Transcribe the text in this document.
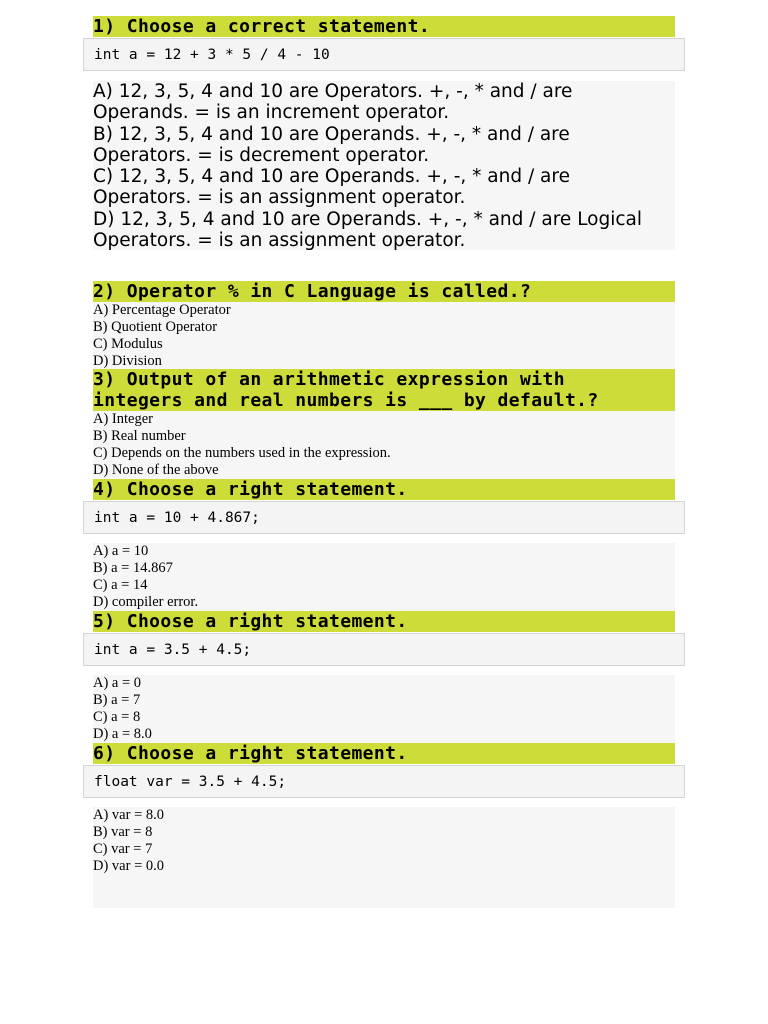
1) Choose a correct statement.
int a = 12 + 3 * 5 / 4 - 10
A) 12, 3, 5, 4 and 10 are Operators. +, -, * and / are
Operands. = is an increment operator.
B) 12, 3, 5, 4 and 10 are Operands. +, -, * and / are
Operators. = is decrement operator.
C) 12, 3, 5, 4 and 10 are Operands. +, -, * and / are
Operators. = is an assignment operator.
D) 12, 3, 5, 4 and 10 are Operands. +, -, * and / are Logical
Operators. = is an assignment operator.
2) Operator % in C Language is called.?
A) Percentage Operator
B) Quotient Operator
C) Modulus
D) Division
3) Output of an arithmetic expression with
integers and real numbers is ___ by default.?
A) Integer
B) Real number
C) Depends on the numbers used in the expression.
D) None of the above
4) Choose a right statement.
int a = 10 + 4.867;
A) a = 10
B) a = 14.867
C) a = 14
D) compiler error.
5) Choose a right statement.
int a = 3.5 + 4.5;
A) a = 0
B) a = 7
C) a = 8
D) a = 8.0
6) Choose a right statement.
float var = 3.5 + 4.5;
A) var = 8.0
B) var = 8
C) var = 7
D) var = 0.0
